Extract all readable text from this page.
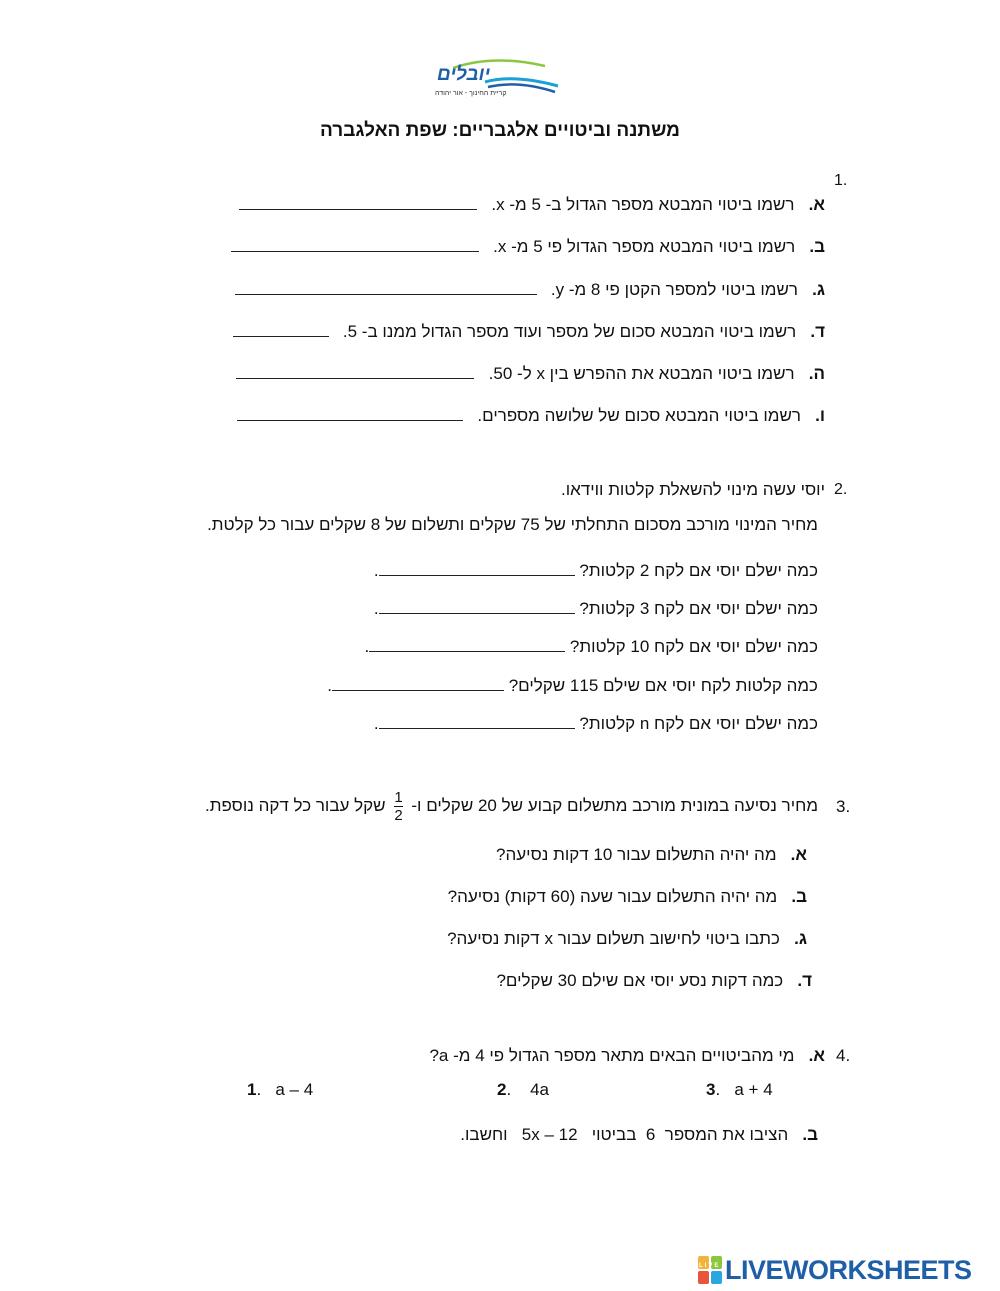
יובלים
קריית החינוך - אור יהודה
משתנה וביטויים אלגבריים: שפת האלגברה
1.
א.   רשמו ביטוי המבטא מספר הגדול ב- 5 מ- x.
ב.   רשמו ביטוי המבטא מספר הגדול פי 5 מ- x.
ג.   רשמו ביטוי למספר הקטן פי 8 מ- y.
ד.   רשמו ביטוי המבטא סכום של מספר ועוד מספר הגדול ממנו ב- 5.
ה.   רשמו ביטוי המבטא את ההפרש בין x ל- 50.
ו.   רשמו ביטוי המבטא סכום של שלושה מספרים.
2.
יוסי עשה מינוי להשאלת קלטות ווידאו.
מחיר המינוי מורכב מסכום התחלתי של 75 שקלים ותשלום של 8 שקלים עבור כל קלטת.
כמה ישלם יוסי אם לקח 2 קלטות? .
כמה ישלם יוסי אם לקח 3 קלטות? .
כמה ישלם יוסי אם לקח 10 קלטות? .
כמה קלטות לקח יוסי אם שילם 115 שקלים? .
כמה ישלם יוסי אם לקח n קלטות? .
3.
מחיר נסיעה במונית מורכב מתשלום קבוע של 20 שקלים ו-
$\frac{1}{2}$
שקל עבור כל דקה נוספת.
א.   מה יהיה התשלום עבור 10 דקות נסיעה?
ב.   מה יהיה התשלום עבור שעה (60 דקות) נסיעה?
ג.   כתבו ביטוי לחישוב תשלום עבור x דקות נסיעה?
ד.   כמה דקות נסע יוסי אם שילם 30 שקלים?
4.
א.   מי מהביטויים הבאים מתאר מספר הגדול פי 4 מ- a?
1.   a – 4	2.    4a	3.   a + 4
ב.   הציבו את המספר  6  בביטוי   5x – 12   וחשבו.
LIVE LIVEWORKSHEETS
